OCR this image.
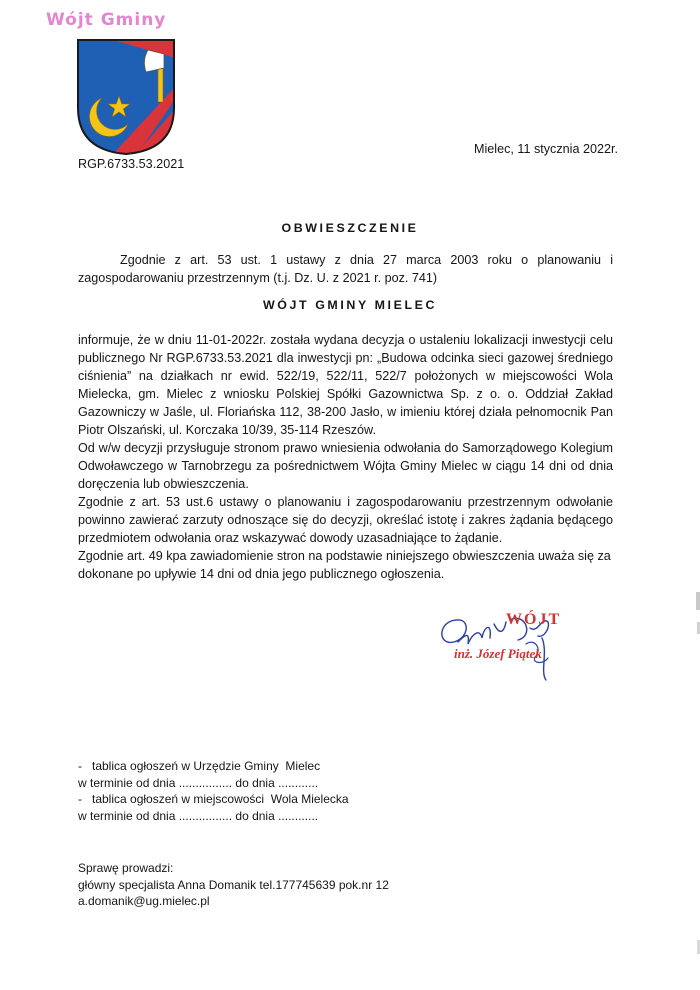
Wójt Gminy
RGP.6733.53.2021
Mielec, 11 stycznia 2022r.
OBWIESZCZENIE
Zgodnie z art. 53 ust. 1 ustawy z dnia 27 marca 2003 roku o planowaniu i zagospodarowaniu przestrzennym (t.j. Dz. U. z 2021 r. poz. 741)
WÓJT GMINY MIELEC

informuje, że w dniu 11-01-2022r. została wydana decyzja o ustaleniu lokalizacji inwestycji celu publicznego Nr RGP.6733.53.2021 dla inwestycji pn: „Budowa odcinka sieci gazowej średniego ciśnienia” na działkach nr ewid. 522/19, 522/11, 522/7 położonych w miejscowości Wola Mielecka, gm. Mielec z wniosku Polskiej Spółki Gazownictwa Sp. z o. o. Oddział Zakład Gazowniczy w Jaśle, ul. Floriańska 112, 38-200 Jasło, w imieniu której działa pełnomocnik Pan Piotr Olszański, ul. Korczaka 10/39, 35-114 Rzeszów.

Od w/w decyzji przysługuje stronom prawo wniesienia odwołania do Samorządowego Kolegium Odwoławczego w Tarnobrzegu za pośrednictwem Wójta Gminy Mielec w ciągu 14 dni od dnia doręczenia lub obwieszczenia.

Zgodnie z art. 53 ust.6 ustawy o planowaniu i zagospodarowaniu przestrzennym odwołanie powinno zawierać zarzuty odnoszące się do decyzji, określać istotę i zakres żądania będącego przedmiotem odwołania oraz wskazywać dowody uzasadniające to żądanie.

Zgodnie art. 49 kpa zawiadomienie stron na podstawie niniejszego obwieszczenia uważa się za dokonane po upływie 14 dni od dnia jego publicznego ogłoszenia.

WÓJT
inż. Józef Piątek
-   tablica ogłoszeń w Urzędzie Gminy  Mielec
w terminie od dnia ................ do dnia ............
-   tablica ogłoszeń w miejscowości  Wola Mielecka
w terminie od dnia ................ do dnia ............
Sprawę prowadzi:
główny specjalista Anna Domanik tel.177745639 pok.nr 12
a.domanik@ug.mielec.pl
